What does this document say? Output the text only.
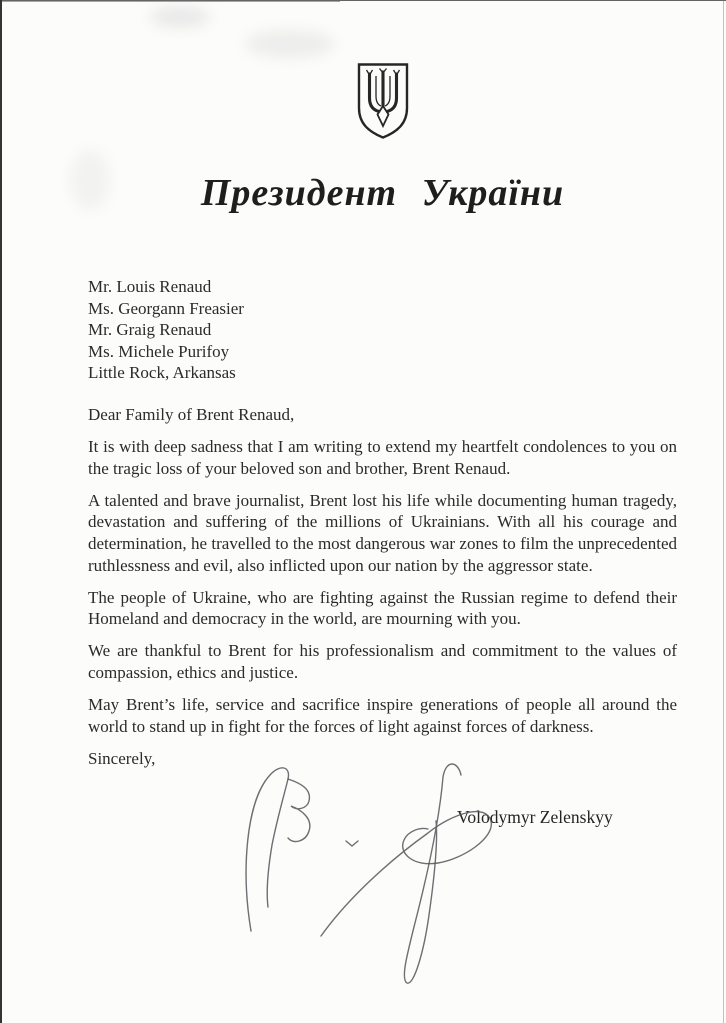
Президент України
Mr. Louis Renaud
Ms. Georgann Freasier
Mr. Graig Renaud
Ms. Michele Purifoy
Little Rock, Arkansas

Dear Family of Brent Renaud,

It is with deep sadness that I am writing to extend my heartfelt condolences to you on the tragic loss of your beloved son and brother, Brent Renaud.

A talented and brave journalist, Brent lost his life while documenting human tragedy, devastation and suffering of the millions of Ukrainians. With all his courage and determination, he travelled to the most dangerous war zones to film the unprecedented ruthlessness and evil, also inflicted upon our nation by the aggressor state.

The people of Ukraine, who are fighting against the Russian regime to defend their Homeland and democracy in the world, are mourning with you.

We are thankful to Brent for his professionalism and commitment to the values of compassion, ethics and justice.

May Brent’s life, service and sacrifice inspire generations of people all around the world to stand up in fight for the forces of light against forces of darkness.

Sincerely,

Volodymyr Zelenskyy
